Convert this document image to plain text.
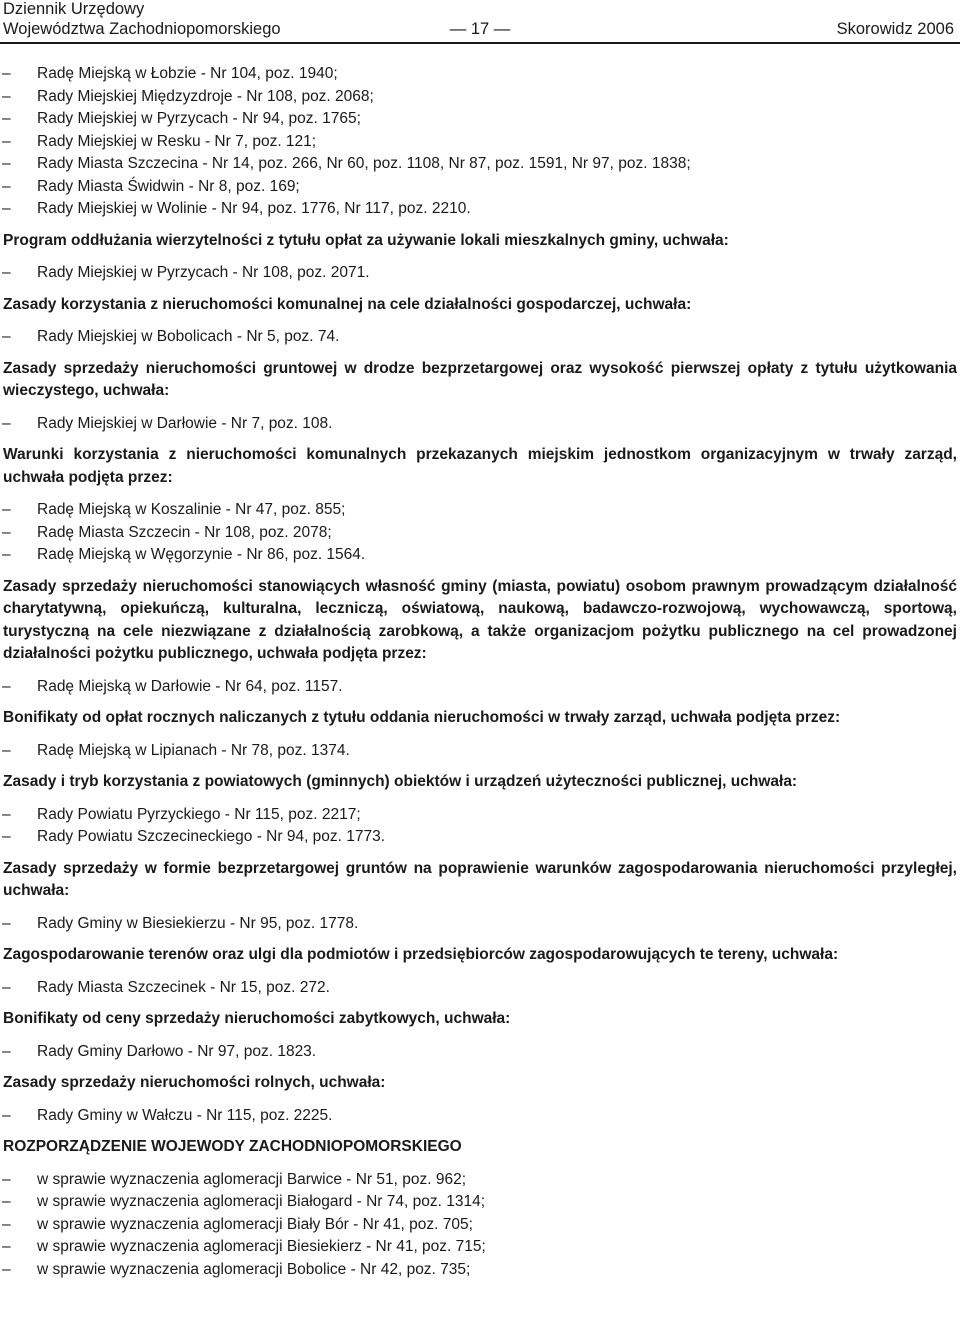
Dziennik Urzędowy
Województwa Zachodniopomorskiego	— 17 —	Skorowidz 2006
– Radę Miejską w Łobzie - Nr 104, poz. 1940;
– Rady Miejskiej Międzyzdroje - Nr 108, poz. 2068;
– Rady Miejskiej w Pyrzycach - Nr 94, poz. 1765;
– Rady Miejskiej w Resku - Nr 7, poz. 121;
– Rady Miasta Szczecina - Nr 14, poz. 266, Nr 60, poz. 1108, Nr 87, poz. 1591, Nr 97, poz. 1838;
– Rady Miasta Świdwin - Nr 8, poz. 169;
– Rady Miejskiej w Wolinie - Nr 94, poz. 1776, Nr 117, poz. 2210.
Program oddłużania wierzytelności z tytułu opłat za używanie lokali mieszkalnych gminy, uchwała:
– Rady Miejskiej w Pyrzycach - Nr 108, poz. 2071.
Zasady korzystania z nieruchomości komunalnej na cele działalności gospodarczej, uchwała:
– Rady Miejskiej w Bobolicach - Nr 5, poz. 74.
Zasady sprzedaży nieruchomości gruntowej w drodze bezprzetargowej oraz wysokość pierwszej opłaty z tytułu użytkowania wieczystego, uchwała:
– Rady Miejskiej w Darłowie - Nr 7, poz. 108.
Warunki korzystania z nieruchomości komunalnych przekazanych miejskim jednostkom organizacyjnym w trwały zarząd, uchwała podjęta przez:
– Radę Miejską w Koszalinie - Nr 47, poz. 855;
– Radę Miasta Szczecin - Nr 108, poz. 2078;
– Radę Miejską w Węgorzynie - Nr 86, poz. 1564.
Zasady sprzedaży nieruchomości stanowiących własność gminy (miasta, powiatu) osobom prawnym prowadzącym działalność charytatywną, opiekuńczą, kulturalna, leczniczą, oświatową, naukową, badawczo-rozwojową, wychowawczą, sportową, turystyczną na cele niezwiązane z działalnością zarobkową, a także organizacjom pożytku publicznego na cel prowadzonej działalności pożytku publicznego, uchwała podjęta przez:
– Radę Miejską w Darłowie - Nr 64, poz. 1157.
Bonifikaty od opłat rocznych naliczanych z tytułu oddania nieruchomości w trwały zarząd, uchwała podjęta przez:
– Radę Miejską w Lipianach - Nr 78, poz. 1374.
Zasady i tryb korzystania z powiatowych (gminnych) obiektów i urządzeń użyteczności publicznej, uchwała:
– Rady Powiatu Pyrzyckiego - Nr 115, poz. 2217;
– Rady Powiatu Szczecineckiego - Nr 94, poz. 1773.
Zasady sprzedaży w formie bezprzetargowej gruntów na poprawienie warunków zagospodarowania nieruchomości przyległej, uchwała:
– Rady Gminy w Biesiekierzu - Nr 95, poz. 1778.
Zagospodarowanie terenów oraz ulgi dla podmiotów i przedsiębiorców zagospodarowujących te tereny, uchwała:
– Rady Miasta Szczecinek - Nr 15, poz. 272.
Bonifikaty od ceny sprzedaży nieruchomości zabytkowych, uchwała:
– Rady Gminy Darłowo - Nr 97, poz. 1823.
Zasady sprzedaży nieruchomości rolnych, uchwała:
– Rady Gminy w Wałczu - Nr 115, poz. 2225.
ROZPORZĄDZENIE WOJEWODY ZACHODNIOPOMORSKIEGO
– w sprawie wyznaczenia aglomeracji Barwice - Nr 51, poz. 962;
– w sprawie wyznaczenia aglomeracji Białogard - Nr 74, poz. 1314;
– w sprawie wyznaczenia aglomeracji Biały Bór - Nr 41, poz. 705;
– w sprawie wyznaczenia aglomeracji Biesiekierz - Nr 41, poz. 715;
– w sprawie wyznaczenia aglomeracji Bobolice - Nr 42, poz. 735;
